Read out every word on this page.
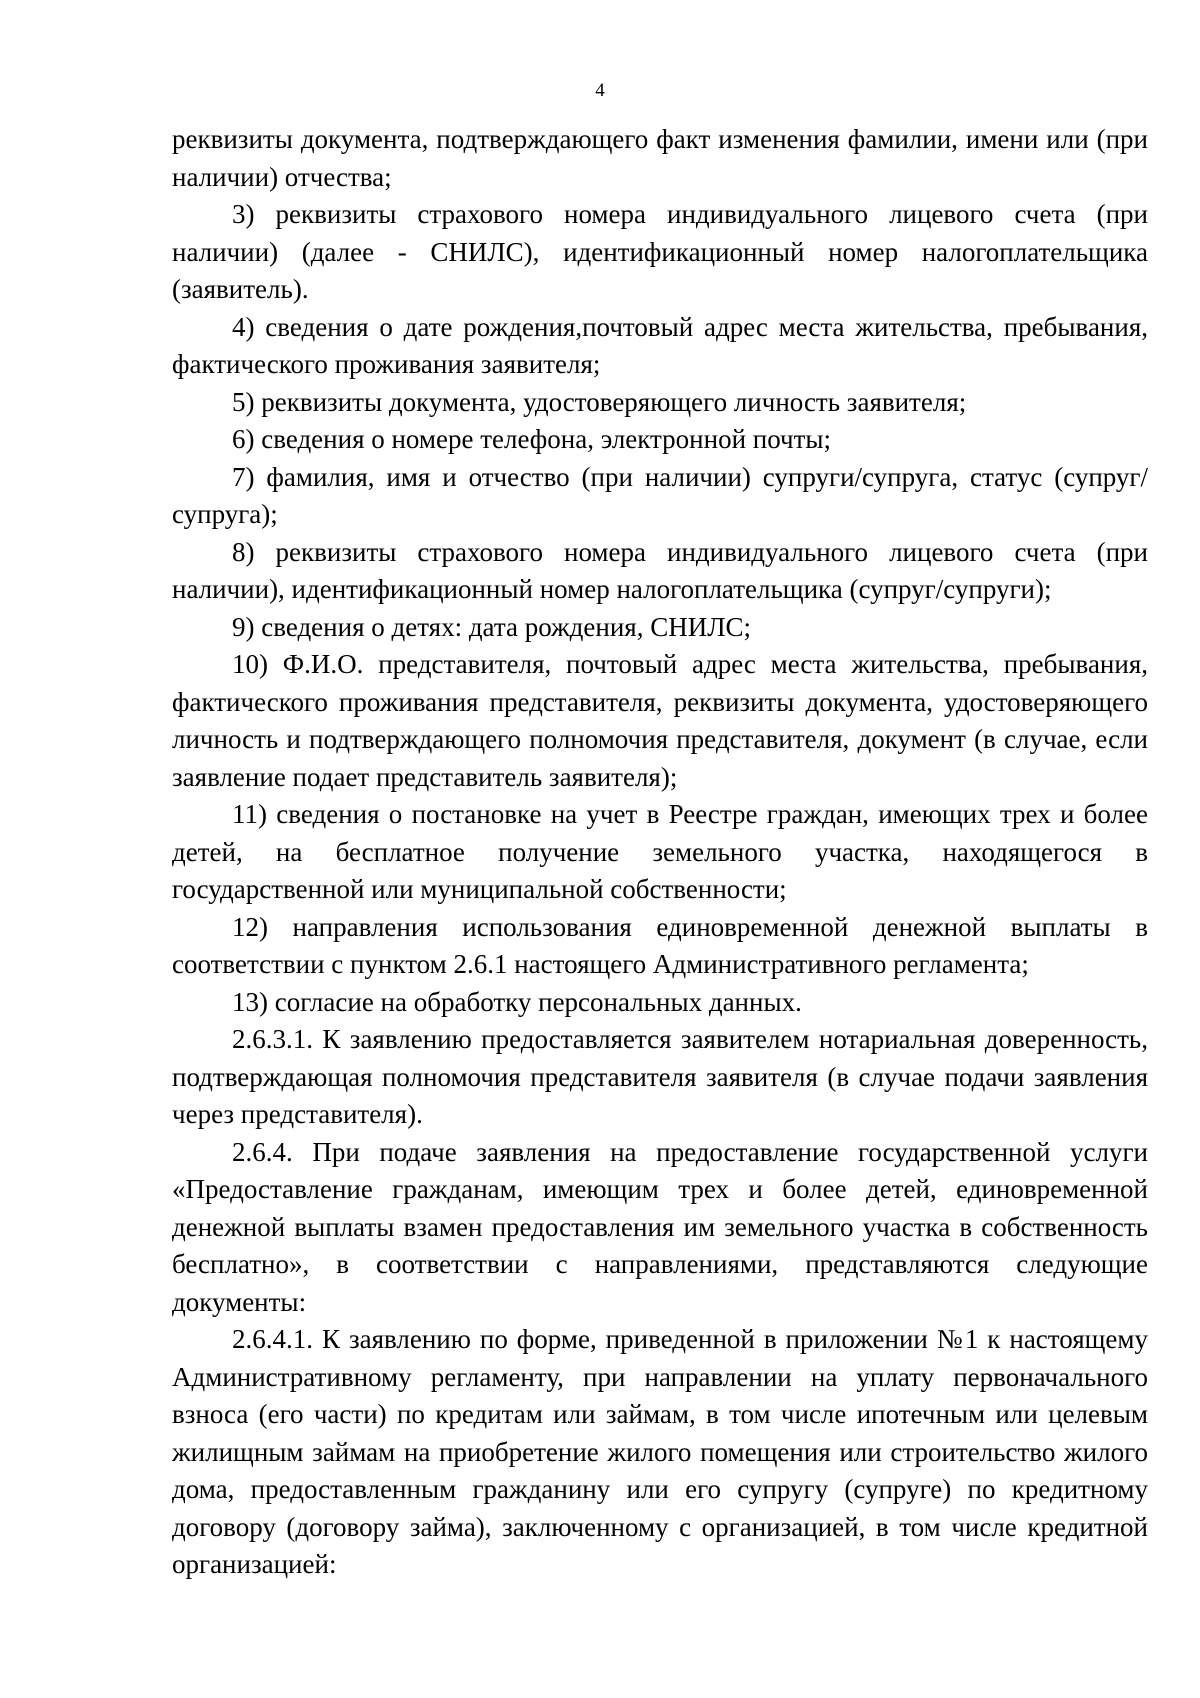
4

реквизиты документа, подтверждающего факт изменения фамилии, имени или (при наличии) отчества;

3) реквизиты страхового номера индивидуального лицевого счета (при наличии) (далее - СНИЛС), идентификационный номер налогоплательщика (заявитель).

4) сведения о дате рождения,почтовый адрес места жительства, пребывания, фактического проживания заявителя;

5) реквизиты документа, удостоверяющего личность заявителя;

6) сведения о номере телефона, электронной почты;

7) фамилия, имя и отчество (при наличии) супруги/супруга, статус (супруг/супруга);

8) реквизиты страхового номера индивидуального лицевого счета (при наличии), идентификационный номер налогоплательщика (супруг/супруги);

9) сведения о детях: дата рождения, СНИЛС;

10) Ф.И.О. представителя, почтовый адрес места жительства, пребывания, фактического проживания представителя, реквизиты документа, удостоверяющего личность и подтверждающего полномочия представителя, документ (в случае, если заявление подает представитель заявителя);

11) сведения о постановке на учет в Реестре граждан, имеющих трех и более детей, на бесплатное получение земельного участка, находящегося в государственной или муниципальной собственности;

12) направления использования единовременной денежной выплаты в соответствии с пунктом 2.6.1 настоящего Административного регламента;

13) согласие на обработку персональных данных.

2.6.3.1. К заявлению предоставляется заявителем нотариальная доверенность, подтверждающая полномочия представителя заявителя (в случае подачи заявления через представителя).

2.6.4. При подаче заявления на предоставление государственной услуги «Предоставление гражданам, имеющим трех и более детей, единовременной денежной выплаты взамен предоставления им земельного участка в собственность бесплатно», в соответствии с направлениями, представляются следующие документы:

2.6.4.1. К заявлению по форме, приведенной в приложении №1 к настоящему Административному регламенту, при направлении на уплату первоначального взноса (его части) по кредитам или займам, в том числе ипотечным или целевым жилищным займам на приобретение жилого помещения или строительство жилого дома, предоставленным гражданину или его супругу (супруге) по кредитному договору (договору займа), заключенному с организацией, в том числе кредитной организацией:
